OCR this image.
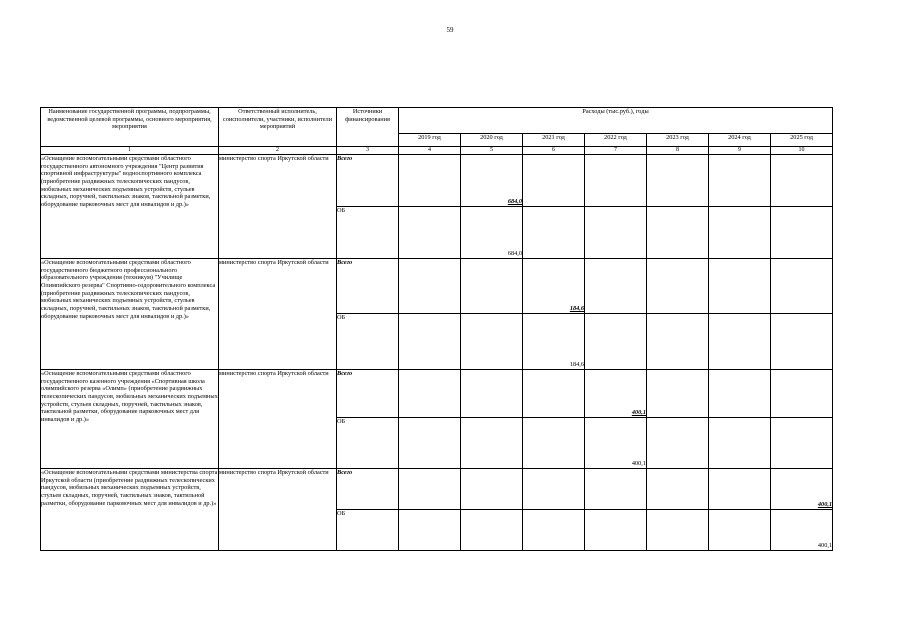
59
Наименование государственной программы, подпрограммы, ведомственной целевой программы, основного мероприятия, мероприятия	Ответственный исполнитель, соисполнители, участники, исполнители мероприятий	Источники финансирования	Расходы (тыс.руб.), годы						
			2019 год	2020 год	2021 год	2022 год	2023 год	2024 год	2025 год
1	2	3	4	5	6	7	8	9	10
«Оснащение вспомогательными средствами областного государственного автономного учреждения "Центр развития спортивной инфраструктуры" водноспортивного комплекса (приобретение раздвижных телескопических пандусов, мобильных механических подъемных устройств, стульев складных, поручней, тактильных знаков, тактильной разметки, оборудование парковочных мест для инвалидов и др.)»	министерство спорта Иркутской области	Всего		684,0					
		ОБ		684,0					
«Оснащение вспомогательными средствами областного государственного бюджетного профессионального образовательного учреждения (техникум) "Училище Олимпийского резерва" Спортивно-оздоровительного комплекса (приобретение раздвижных телескопических пандусов, мобильных механических подъемных устройств, стульев складных, поручней, тактильных знаков, тактильной разметки, оборудование парковочных мест для инвалидов и др.)»	министерство спорта Иркутской области	Всего			184,6				
		ОБ			184,6				
«Оснащение вспомогательными средствами областного государственного казенного учреждения «Спортивная школа олимпийского резерва «Олимп» (приобретение раздвижных телескопических пандусов, мобильных механических подъемных устройств, стульев складных, поручней, тактильных знаков, тактильной разметки, оборудование парковочных мест для инвалидов и др.)»	министерство спорта Иркутской области	Всего				400,1			
		ОБ				400,1			
«Оснащение вспомогательными средствами министерства спорта Иркутской области (приобретение раздвижных телескопических пандусов, мобильных механических подъемных устройств, стульев складных, поручней, тактильных знаков, тактильной разметки, оборудование парковочных мест для инвалидов и др.)»	министерство спорта Иркутской области	Всего							400,1
		ОБ							400,1
